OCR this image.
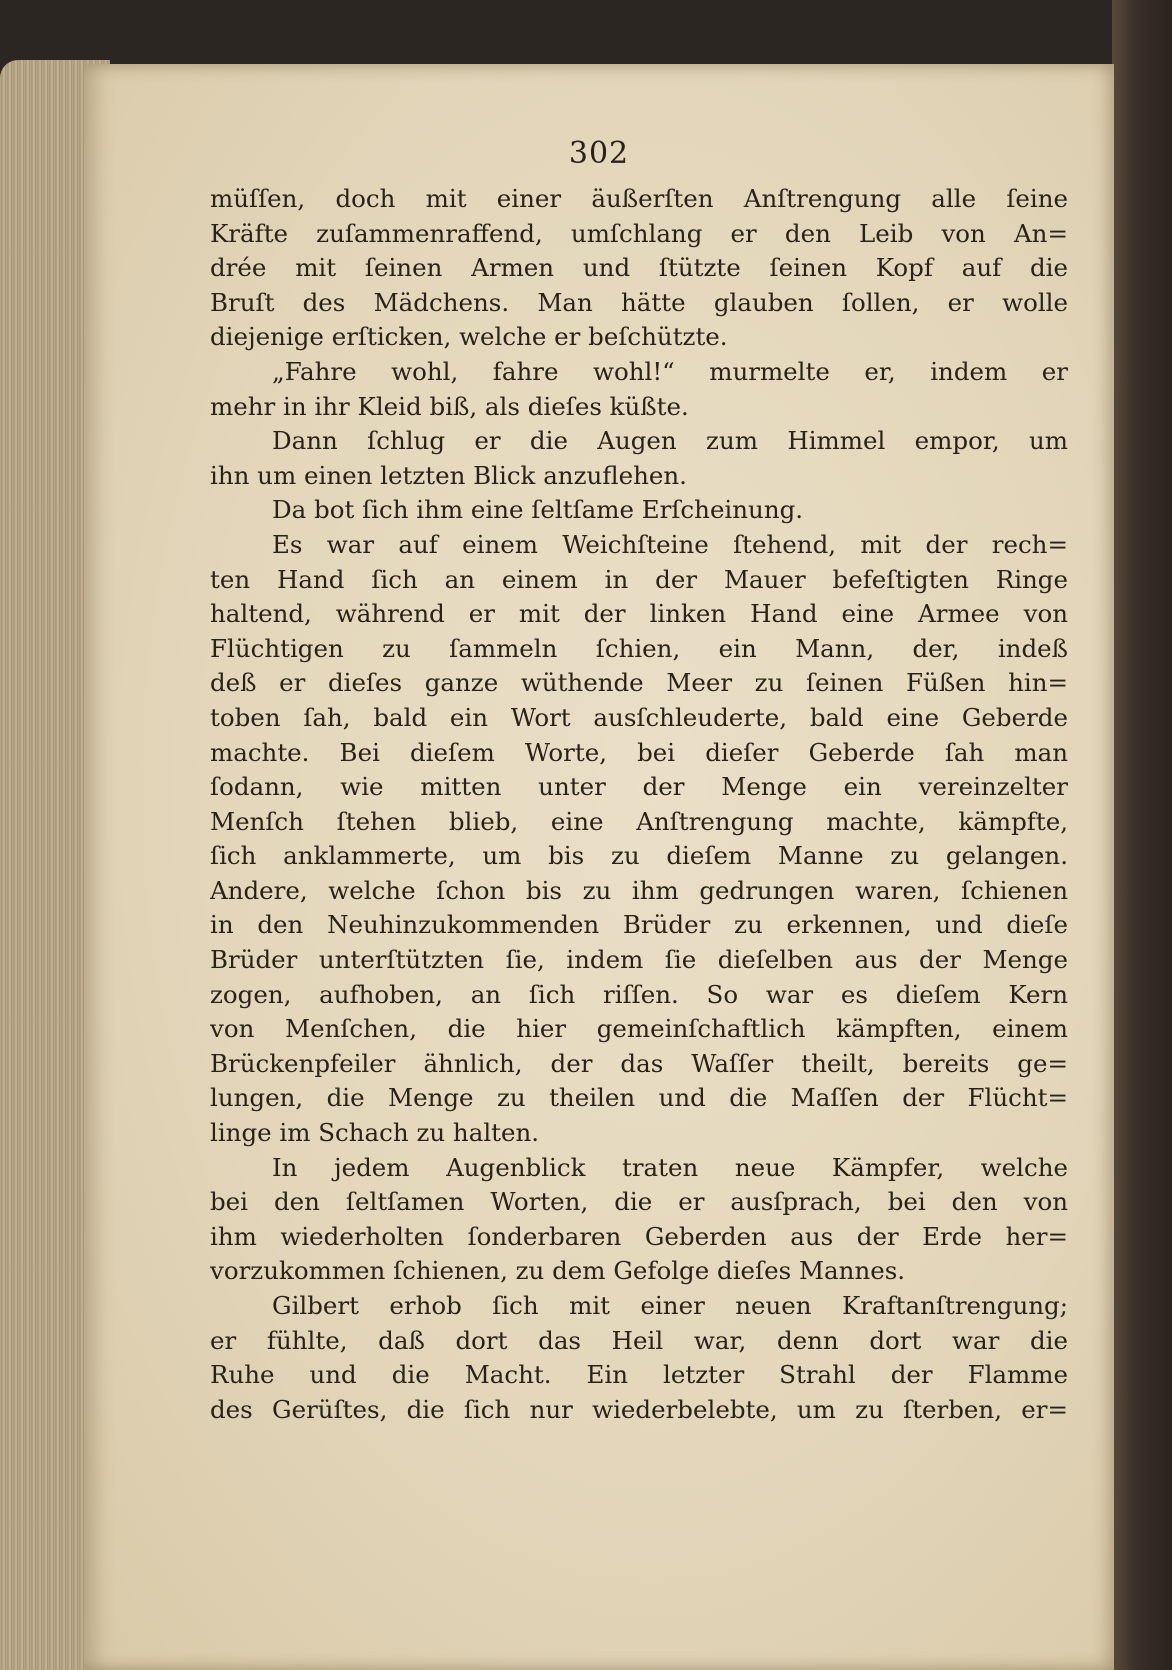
302
müſſen, doch mit einer äußerſten Anſtrengung alle ſeine
Kräfte zuſammenraffend, umſchlang er den Leib von An=
drée mit ſeinen Armen und ſtützte ſeinen Kopf auf die
Bruſt des Mädchens. Man hätte glauben ſollen, er wolle
diejenige erſticken, welche er beſchützte.
„Fahre wohl, fahre wohl!“ murmelte er, indem er
mehr in ihr Kleid biß, als dieſes küßte.
Dann ſchlug er die Augen zum Himmel empor, um
ihn um einen letzten Blick anzuflehen.
Da bot ſich ihm eine ſeltſame Erſcheinung.
Es war auf einem Weichſteine ſtehend, mit der rech=
ten Hand ſich an einem in der Mauer befeſtigten Ringe
haltend, während er mit der linken Hand eine Armee von
Flüchtigen zu ſammeln ſchien, ein Mann, der, indeß
deß er dieſes ganze wüthende Meer zu ſeinen Füßen hin=
toben ſah, bald ein Wort ausſchleuderte, bald eine Geberde
machte. Bei dieſem Worte, bei dieſer Geberde ſah man
ſodann, wie mitten unter der Menge ein vereinzelter
Menſch ſtehen blieb, eine Anſtrengung machte, kämpfte,
ſich anklammerte, um bis zu dieſem Manne zu gelangen.
Andere, welche ſchon bis zu ihm gedrungen waren, ſchienen
in den Neuhinzukommenden Brüder zu erkennen, und dieſe
Brüder unterſtützten ſie, indem ſie dieſelben aus der Menge
zogen, aufhoben, an ſich riſſen. So war es dieſem Kern
von Menſchen, die hier gemeinſchaftlich kämpften, einem
Brückenpfeiler ähnlich, der das Waſſer theilt, bereits ge=
lungen, die Menge zu theilen und die Maſſen der Flücht=
linge im Schach zu halten.
In jedem Augenblick traten neue Kämpfer, welche
bei den ſeltſamen Worten, die er ausſprach, bei den von
ihm wiederholten ſonderbaren Geberden aus der Erde her=
vorzukommen ſchienen, zu dem Gefolge dieſes Mannes.
Gilbert erhob ſich mit einer neuen Kraftanſtrengung;
er fühlte, daß dort das Heil war, denn dort war die
Ruhe und die Macht. Ein letzter Strahl der Flamme
des Gerüſtes, die ſich nur wiederbelebte, um zu ſterben, er=
